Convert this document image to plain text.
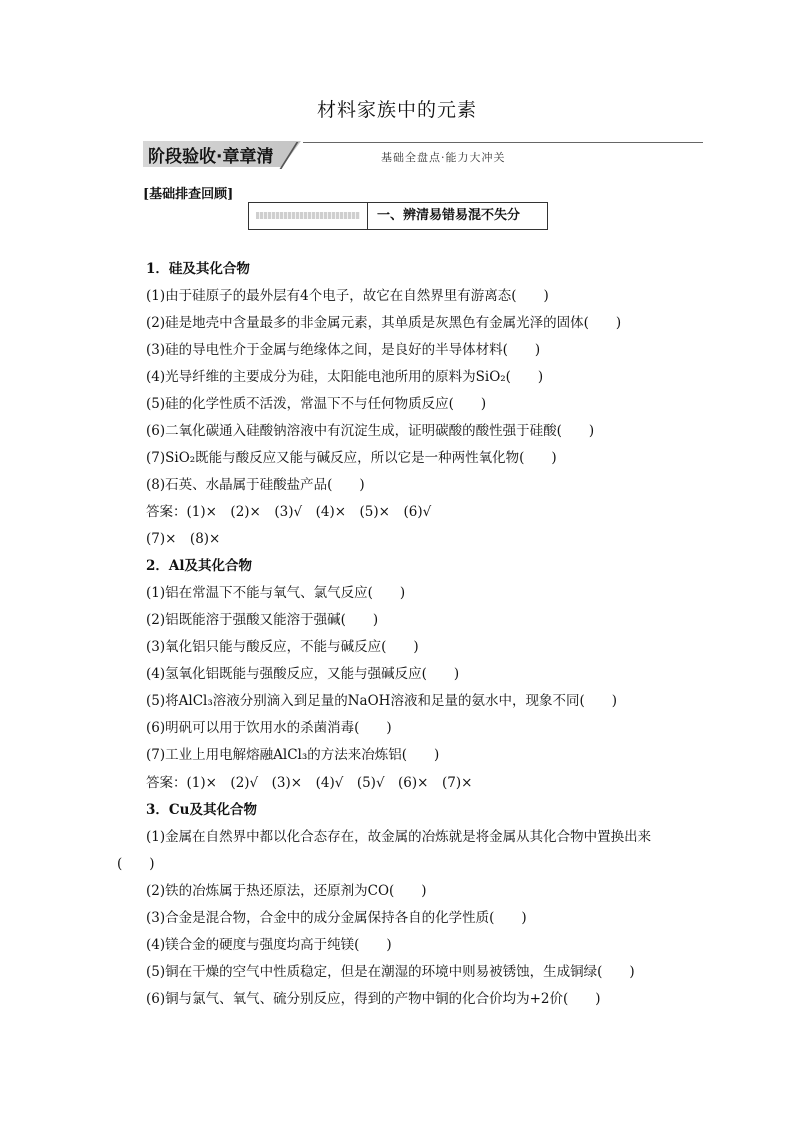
材料家族中的元素
阶段验收·章章清	基础全盘点·能力大冲关
[基础排查回顾]
一、辨清易错易混不失分
1．硅及其化合物
(1)由于硅原子的最外层有4个电子，故它在自然界里有游离态(　　)
(2)硅是地壳中含量最多的非金属元素，其单质是灰黑色有金属光泽的固体(　　)
(3)硅的导电性介于金属与绝缘体之间，是良好的半导体材料(　　)
(4)光导纤维的主要成分为硅，太阳能电池所用的原料为SiO₂(　　)
(5)硅的化学性质不活泼，常温下不与任何物质反应(　　)
(6)二氧化碳通入硅酸钠溶液中有沉淀生成，证明碳酸的酸性强于硅酸(　　)
(7)SiO₂既能与酸反应又能与碱反应，所以它是一种两性氧化物(　　)
(8)石英、水晶属于硅酸盐产品(　　)
答案：(1)×　(2)×　(3)√　(4)×　(5)×　(6)√
(7)×　(8)×
2．Al及其化合物
(1)铝在常温下不能与氧气、氯气反应(　　)
(2)铝既能溶于强酸又能溶于强碱(　　)
(3)氧化铝只能与酸反应，不能与碱反应(　　)
(4)氢氧化铝既能与强酸反应，又能与强碱反应(　　)
(5)将AlCl₃溶液分别滴入到足量的NaOH溶液和足量的氨水中，现象不同(　　)
(6)明矾可以用于饮用水的杀菌消毒(　　)
(7)工业上用电解熔融AlCl₃的方法来冶炼铝(　　)
答案：(1)×　(2)√　(3)×　(4)√　(5)√　(6)×　(7)×
3．Cu及其化合物
(1)金属在自然界中都以化合态存在，故金属的冶炼就是将金属从其化合物中置换出来
(　　)
(2)铁的冶炼属于热还原法，还原剂为CO(　　)
(3)合金是混合物，合金中的成分金属保持各自的化学性质(　　)
(4)镁合金的硬度与强度均高于纯镁(　　)
(5)铜在干燥的空气中性质稳定，但是在潮湿的环境中则易被锈蚀，生成铜绿(　　)
(6)铜与氯气、氧气、硫分别反应，得到的产物中铜的化合价均为+2价(　　)
